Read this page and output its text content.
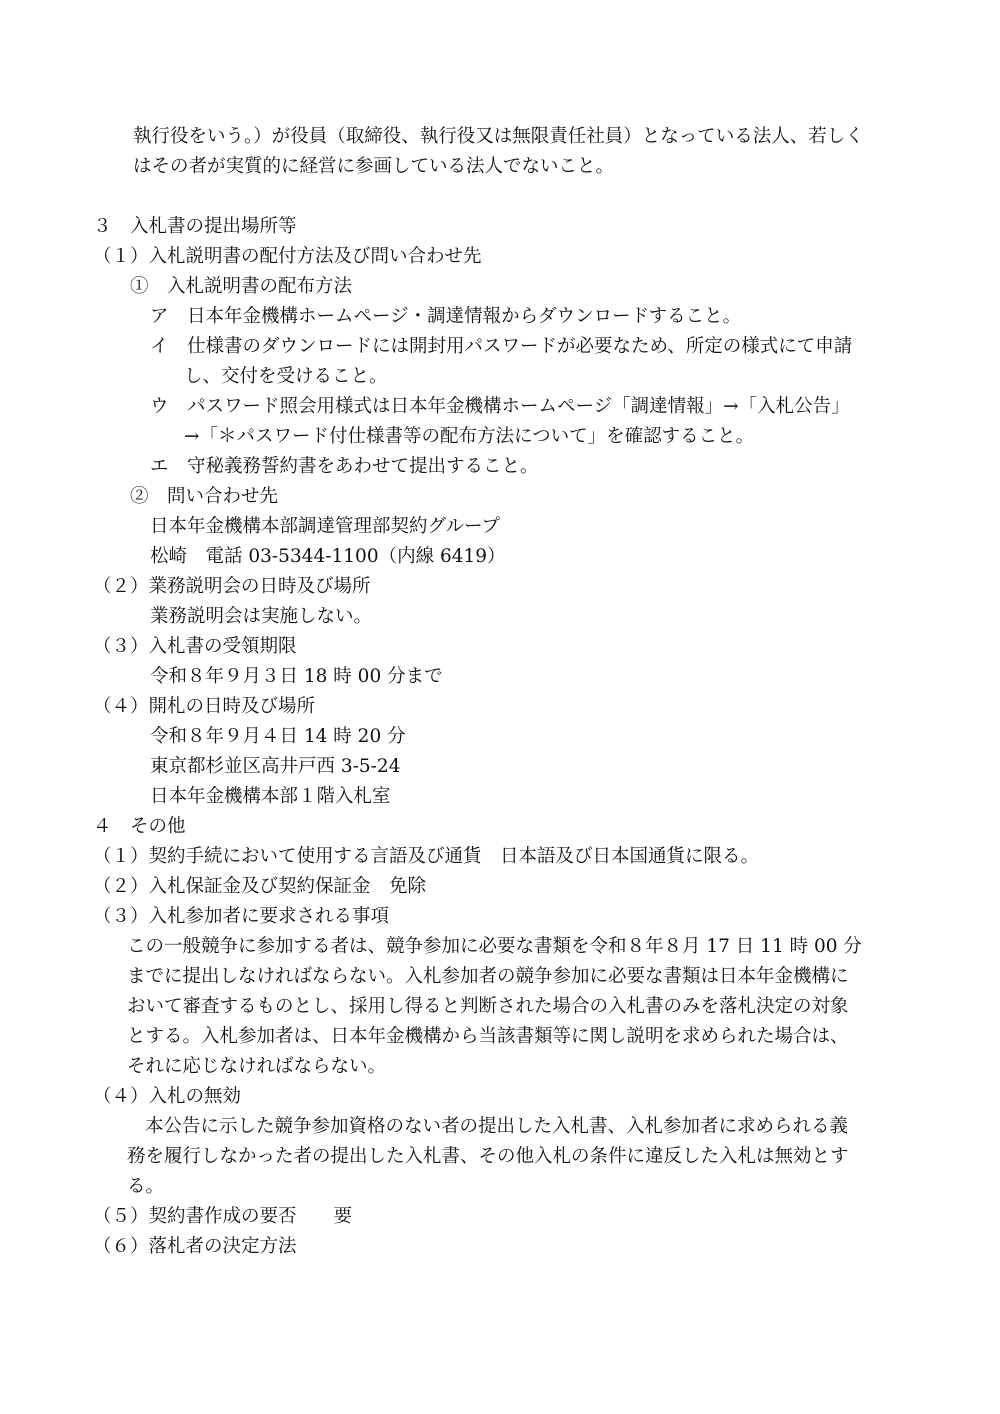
執行役をいう。）が役員（取締役、執行役又は無限責任社員）となっている法人、若しく
はその者が実質的に経営に参画している法人でないこと。
３　入札書の提出場所等
（１）入札説明書の配付方法及び問い合わせ先
①　入札説明書の配布方法
ア　日本年金機構ホームページ・調達情報からダウンロードすること。
イ　仕様書のダウンロードには開封用パスワードが必要なため、所定の様式にて申請
し、交付を受けること。
ウ　パスワード照会用様式は日本年金機構ホームページ「調達情報」→「入札公告」
→「＊パスワード付仕様書等の配布方法について」を確認すること。
エ　守秘義務誓約書をあわせて提出すること。
②　問い合わせ先
日本年金機構本部調達管理部契約グループ
松崎　電話 03-5344-1100（内線 6419）
（２）業務説明会の日時及び場所
業務説明会は実施しない。
（３）入札書の受領期限
令和８年９月３日 18 時 00 分まで
（４）開札の日時及び場所
令和８年９月４日 14 時 20 分
東京都杉並区高井戸西 3-5-24
日本年金機構本部１階入札室
４　その他
（１）契約手続において使用する言語及び通貨　日本語及び日本国通貨に限る。
（２）入札保証金及び契約保証金　免除
（３）入札参加者に要求される事項
この一般競争に参加する者は、競争参加に必要な書類を令和８年８月 17 日 11 時 00 分
までに提出しなければならない。入札参加者の競争参加に必要な書類は日本年金機構に
おいて審査するものとし、採用し得ると判断された場合の入札書のみを落札決定の対象
とする。入札参加者は、日本年金機構から当該書類等に関し説明を求められた場合は、
それに応じなければならない。
（４）入札の無効
本公告に示した競争参加資格のない者の提出した入札書、入札参加者に求められる義
務を履行しなかった者の提出した入札書、その他入札の条件に違反した入札は無効とす
る。
（５）契約書作成の要否　　要
（６）落札者の決定方法
